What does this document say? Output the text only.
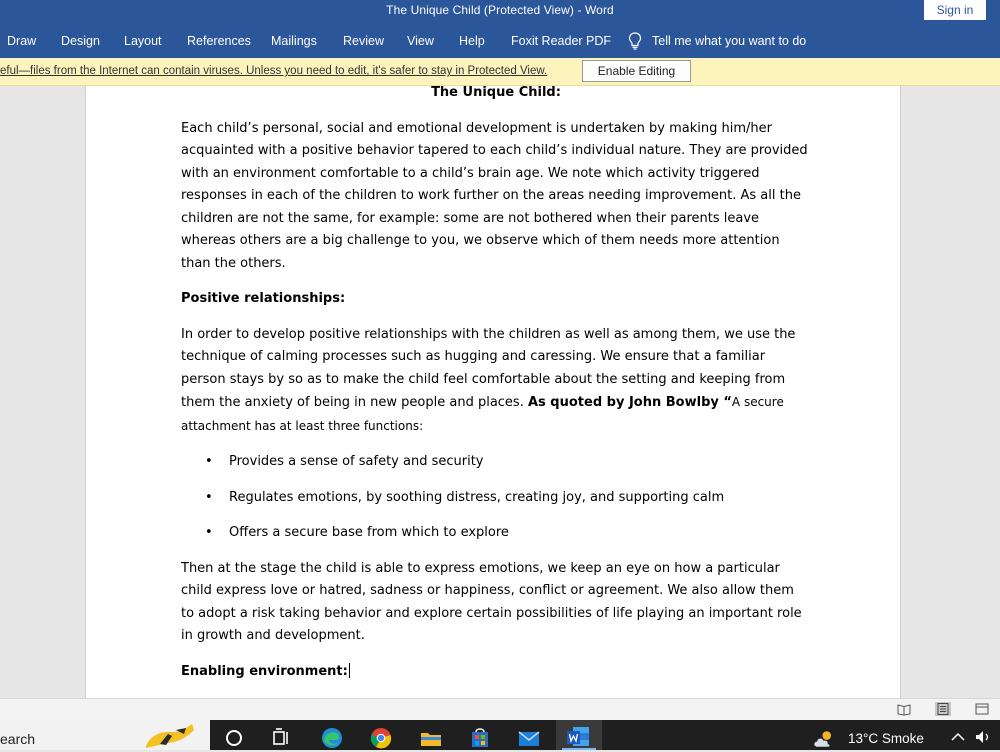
The Unique Child (Protected View) - Word	Sign in
Draw Design Layout References Mailings Review View Help Foxit Reader PDF	Tell me what you want to do
eful—files from the Internet can contain viruses. Unless you need to edit, it's safer to stay in Protected View.	Enable Editing

The Unique Child:

Each child’s personal, social and emotional development is undertaken by making him/her acquainted with a positive behavior tapered to each child’s individual nature. They are provided with an environment comfortable to a child’s brain age. We note which activity triggered responses in each of the children to work further on the areas needing improvement. As all the children are not the same, for example: some are not bothered when their parents leave whereas others are a big challenge to you, we observe which of them needs more attention than the others.

Positive relationships:

In order to develop positive relationships with the children as well as among them, we use the technique of calming processes such as hugging and caressing. We ensure that a familiar person stays by so as to make the child feel comfortable about the setting and keeping from them the anxiety of being in new people and places. As quoted by John Bowlby “A secure attachment has at least three functions:

• Provides a sense of safety and security
• Regulates emotions, by soothing distress, creating joy, and supporting calm
• Offers a secure base from which to explore

Then at the stage the child is able to express emotions, we keep an eye on how a particular child express love or hatred, sadness or happiness, conflict or agreement. We also allow them to adopt a risk taking behavior and explore certain possibilities of life playing an important role in growth and development.

Enabling environment:

earch	13°C Smoke
